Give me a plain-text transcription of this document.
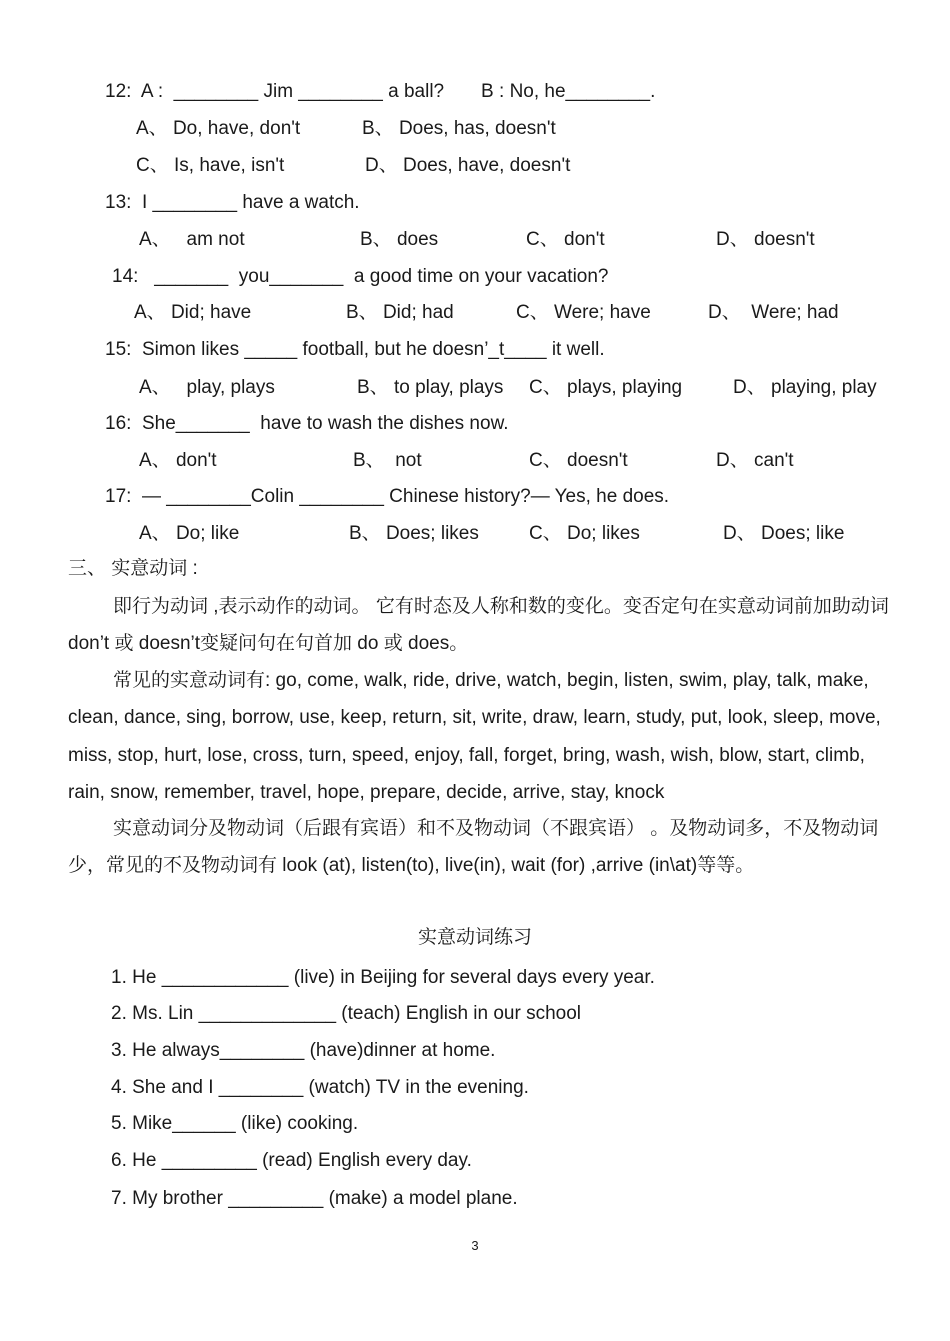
12:  A :  ________ Jim ________ a ball?       B : No, he________.
A、 Do, have, don't	B、 Does, has, doesn't
C、 Is, have, isn't	D、 Does, have, doesn't
13:  I ________ have a watch.
A、   am not	B、 does	C、 don't	D、 doesn't
14:   _______  you_______  a good time on your vacation?
A、 Did; have	B、 Did; had	C、 Were; have	D、  Were; had
15:  Simon likes _____ football, but he doesn’_t____ it well.
A、   play, plays	B、 to play, plays C、 plays, playing	D、 playing, play
16:  She_______  have to wash the dishes now.
A、 don't	B、  not	C、 doesn't	D、 can't
17:  — ________Colin ________ Chinese history?— Yes, he does.
A、 Do; like	B、 Does; likes	C、 Do; likes	D、 Does; like
三、 实意动词 :
即行为动词 ,表示动作的动词。 它有时态及人称和数的变化。变否定句在实意动词前加助动词 don’t 或 doesn’t变疑问句在句首加 do 或 does。
常见的实意动词有: go, come, walk, ride, drive, watch, begin, listen, swim, play, talk, make, clean, dance, sing, borrow, use, keep, return, sit, write, draw, learn, study, put, look, sleep, move, miss, stop, hurt, lose, cross, turn, speed, enjoy, fall, forget, bring, wash, wish, blow, start, climb, rain, snow, remember, travel, hope, prepare, decide, arrive, stay, knock
实意动词分及物动词（后跟有宾语）和不及物动词（不跟宾语） 。及物动词多，不及物动词少，常见的不及物动词有 look (at), listen(to), live(in), wait (for) ,arrive (in\at)等等。
实意动词练习
1. He ____________ (live) in Beijing for several days every year.
2. Ms. Lin _____________ (teach) English in our school
3. He always________ (have)dinner at home.
4. She and I ________ (watch) TV in the evening.
5. Mike______ (like) cooking.
6. He _________ (read) English every day.
7. My brother _________ (make) a model plane.
3
